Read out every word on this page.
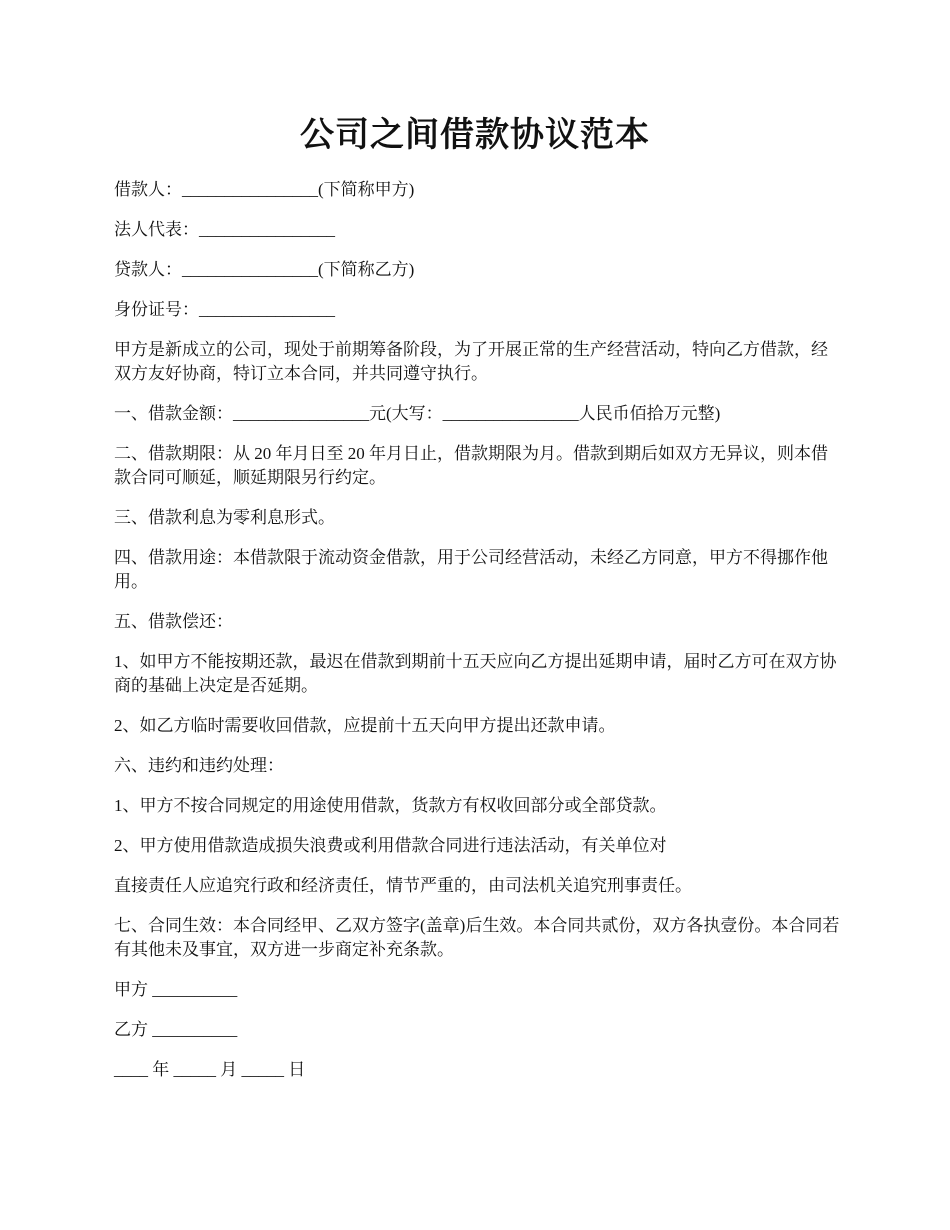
公司之间借款协议范本

借款人：________________(下简称甲方)

法人代表：________________

贷款人：________________(下简称乙方)

身份证号：________________

甲方是新成立的公司，现处于前期筹备阶段，为了开展正常的生产经营活动，特向乙方借款，经双方友好协商，特订立本合同，并共同遵守执行。

一、借款金额：________________元(大写：________________人民币佰拾万元整)

二、借款期限：从 20 年月日至 20 年月日止，借款期限为月。借款到期后如双方无异议，则本借款合同可顺延，顺延期限另行约定。

三、借款利息为零利息形式。

四、借款用途：本借款限于流动资金借款，用于公司经营活动，未经乙方同意，甲方不得挪作他用。

五、借款偿还：

1、如甲方不能按期还款，最迟在借款到期前十五天应向乙方提出延期申请，届时乙方可在双方协商的基础上决定是否延期。

2、如乙方临时需要收回借款，应提前十五天向甲方提出还款申请。

六、违约和违约处理：

1、甲方不按合同规定的用途使用借款，货款方有权收回部分或全部贷款。

2、甲方使用借款造成损失浪费或利用借款合同进行违法活动，有关单位对

直接责任人应追究行政和经济责任，情节严重的，由司法机关追究刑事责任。

七、合同生效：本合同经甲、乙双方签字(盖章)后生效。本合同共贰份，双方各执壹份。本合同若有其他未及事宜，双方进一步商定补充条款。

甲方 __________

乙方 __________

____ 年 _____ 月 _____ 日
